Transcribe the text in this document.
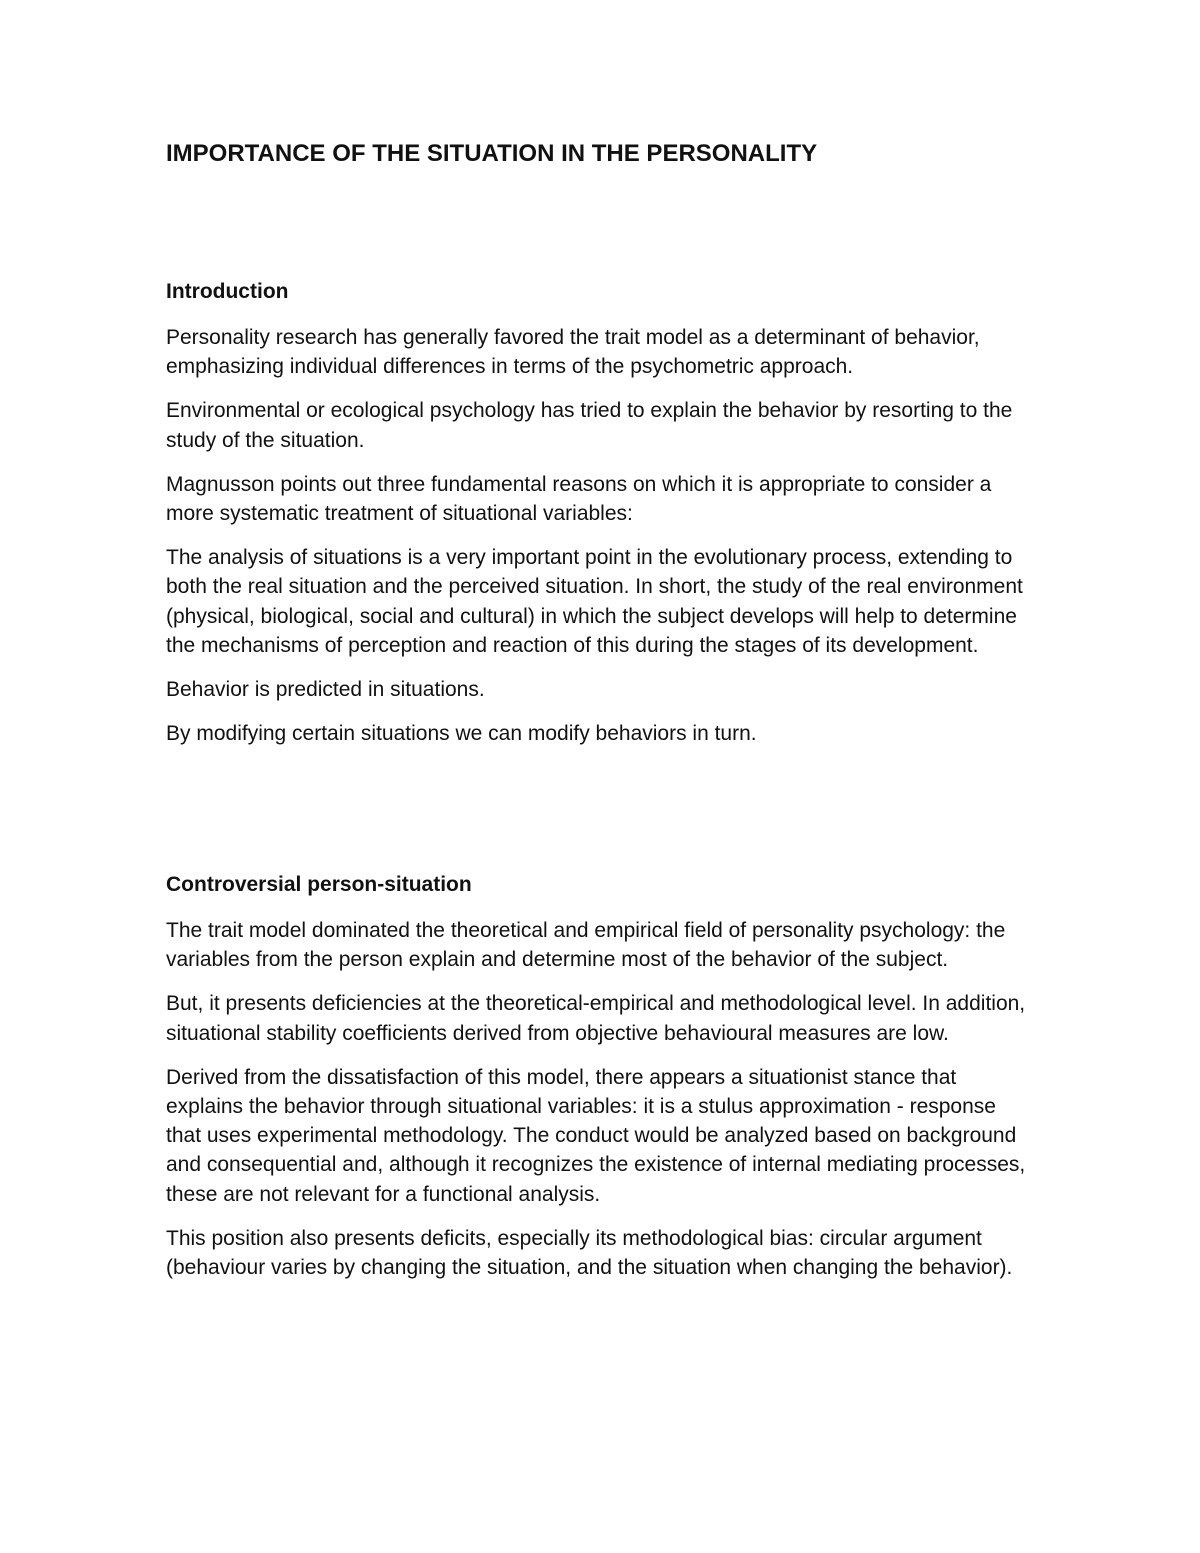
IMPORTANCE OF THE SITUATION IN THE PERSONALITY
Introduction

Personality research has generally favored the trait model as a determinant of behavior, emphasizing individual differences in terms of the psychometric approach.

Environmental or ecological psychology has tried to explain the behavior by resorting to the study of the situation.

Magnusson points out three fundamental reasons on which it is appropriate to consider a more systematic treatment of situational variables:

The analysis of situations is a very important point in the evolutionary process, extending to both the real situation and the perceived situation. In short, the study of the real environment (physical, biological, social and cultural) in which the subject develops will help to determine the mechanisms of perception and reaction of this during the stages of its development.

Behavior is predicted in situations.

By modifying certain situations we can modify behaviors in turn.

Controversial person-situation

The trait model dominated the theoretical and empirical field of personality psychology: the variables from the person explain and determine most of the behavior of the subject.

But, it presents deficiencies at the theoretical-empirical and methodological level. In addition, situational stability coefficients derived from objective behavioural measures are low.

Derived from the dissatisfaction of this model, there appears a situationist stance that explains the behavior through situational variables: it is a stulus approximation - response that uses experimental methodology. The conduct would be analyzed based on background and consequential and, although it recognizes the existence of internal mediating processes, these are not relevant for a functional analysis.

This position also presents deficits, especially its methodological bias: circular argument (behaviour varies by changing the situation, and the situation when changing the behavior).
